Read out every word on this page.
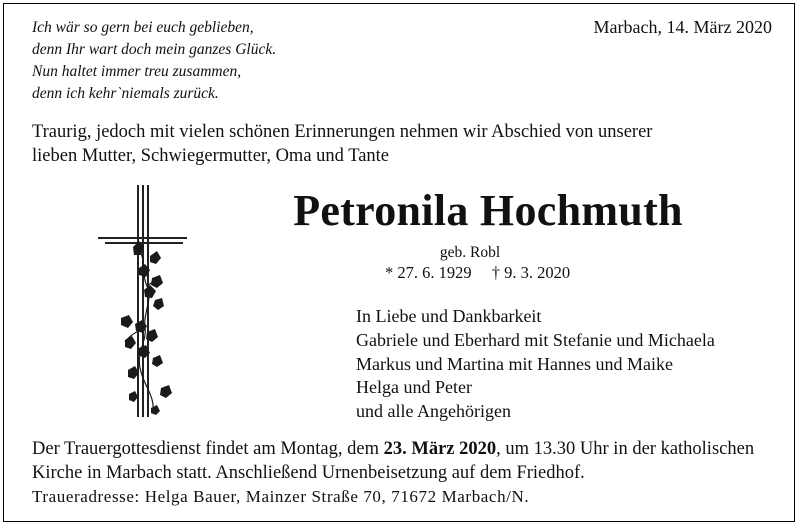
Ich wär so gern bei euch geblieben,
denn Ihr wart doch mein ganzes Glück.
Nun haltet immer treu zusammen,
denn ich kehr`niemals zurück.
Marbach, 14. März 2020
Traurig, jedoch mit vielen schönen Erinnerungen nehmen wir Abschied von unserer
lieben Mutter, Schwiegermutter, Oma und Tante
Petronila Hochmuth
geb. Robl
* 27. 6. 1929 † 9. 3. 2020
In Liebe und Dankbarkeit
Gabriele und Eberhard mit Stefanie und Michaela
Markus und Martina mit Hannes und Maike
Helga und Peter
und alle Angehörigen
Der Trauergottesdienst findet am Montag, dem 23. März 2020, um 13.30 Uhr in der katholischen Kirche in Marbach statt. Anschließend Urnenbeisetzung auf dem Friedhof.
Traueradresse: Helga Bauer, Mainzer Straße 70, 71672 Marbach/N.
